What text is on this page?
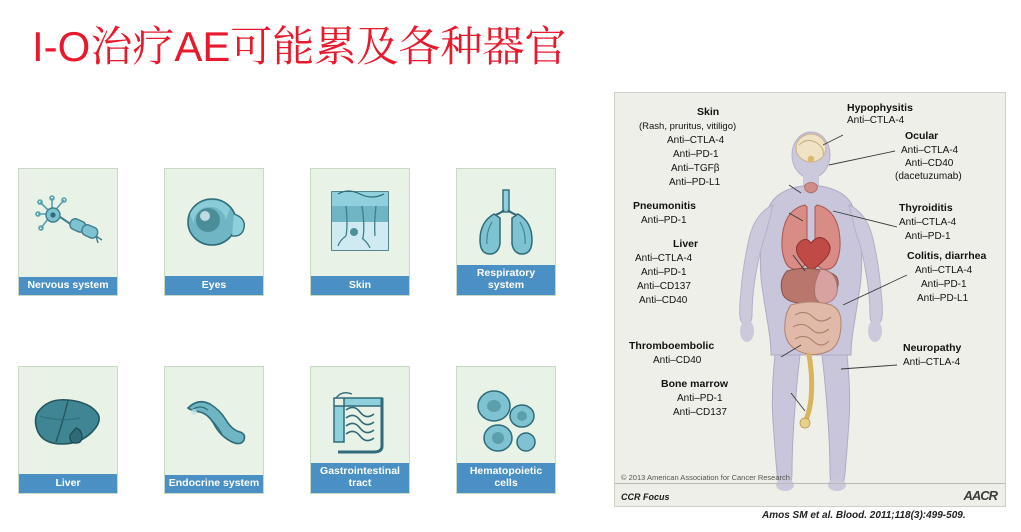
I-O治疗AE可能累及各种器官
Nervous system	Eyes	Skin
Respiratory system
Liver	Endocrine system
Gastrointestinal tract
Hematopoietic cells
Hypophysitis
Anti–CTLA-4
Ocular
Anti–CTLA-4
Anti–CD40
(dacetuzumab)
Skin
(Rash, pruritus, vitiligo)
Anti–CTLA-4
Anti–PD-1
Anti–TGFβ
Anti–PD-L1
Thyroiditis
Anti–CTLA-4
Anti–PD-1
Pneumonitis
Anti–PD-1
Liver
Anti–CTLA-4
Anti–PD-1
Anti–CD137
Anti–CD40
Colitis, diarrhea
Anti–CTLA-4
Anti–PD-1
Anti–PD-L1
Thromboembolic
Anti–CD40
Neuropathy
Anti–CTLA-4
Bone marrow
Anti–PD-1
Anti–CD137
© 2013 American Association for Cancer Research
CCR Focus	AACR
Amos SM et al. Blood. 2011;118(3):499-509.
